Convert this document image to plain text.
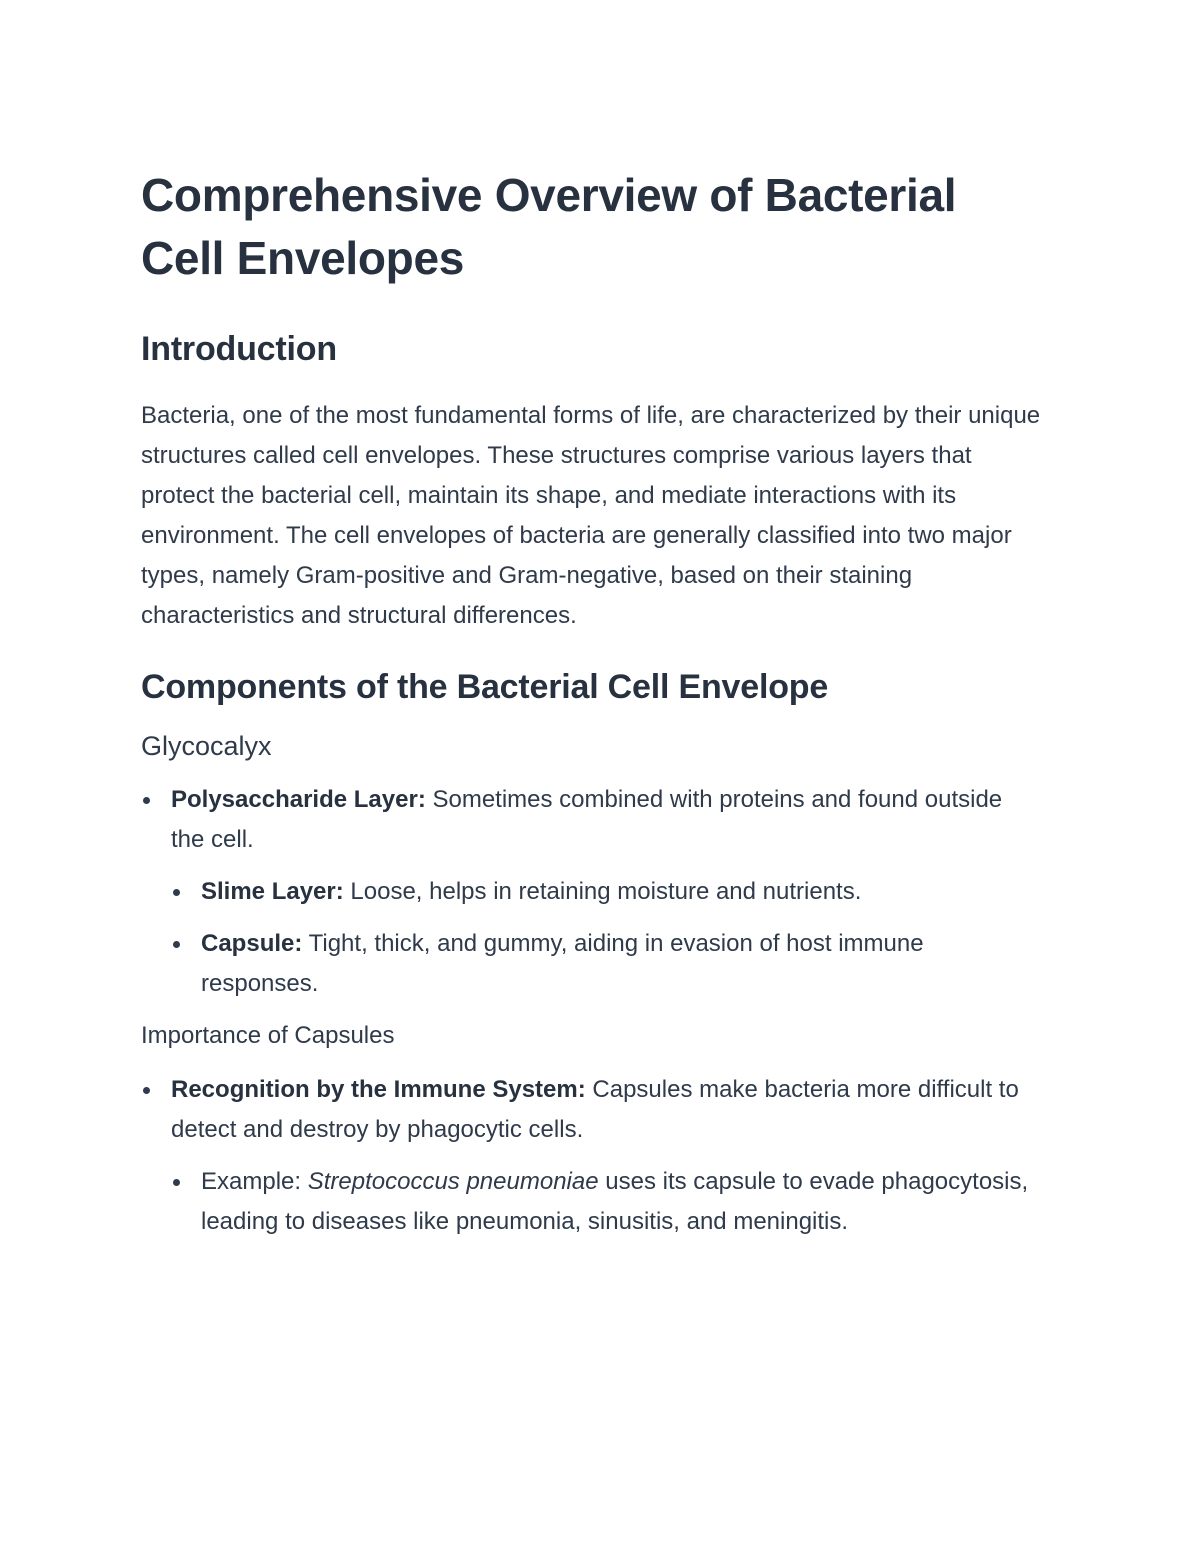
Comprehensive Overview of Bacterial Cell Envelopes
Introduction

Bacteria, one of the most fundamental forms of life, are characterized by their unique structures called cell envelopes. These structures comprise various layers that protect the bacterial cell, maintain its shape, and mediate interactions with its environment. The cell envelopes of bacteria are generally classified into two major types, namely Gram-positive and Gram-negative, based on their staining characteristics and structural differences.

Components of the Bacterial Cell Envelope
Glycocalyx
Polysaccharide Layer: Sometimes combined with proteins and found outside the cell.
Slime Layer: Loose, helps in retaining moisture and nutrients.
Capsule: Tight, thick, and gummy, aiding in evasion of host immune responses.
Importance of Capsules
Recognition by the Immune System: Capsules make bacteria more difficult to detect and destroy by phagocytic cells.
Example: Streptococcus pneumoniae uses its capsule to evade phagocytosis, leading to diseases like pneumonia, sinusitis, and meningitis.
